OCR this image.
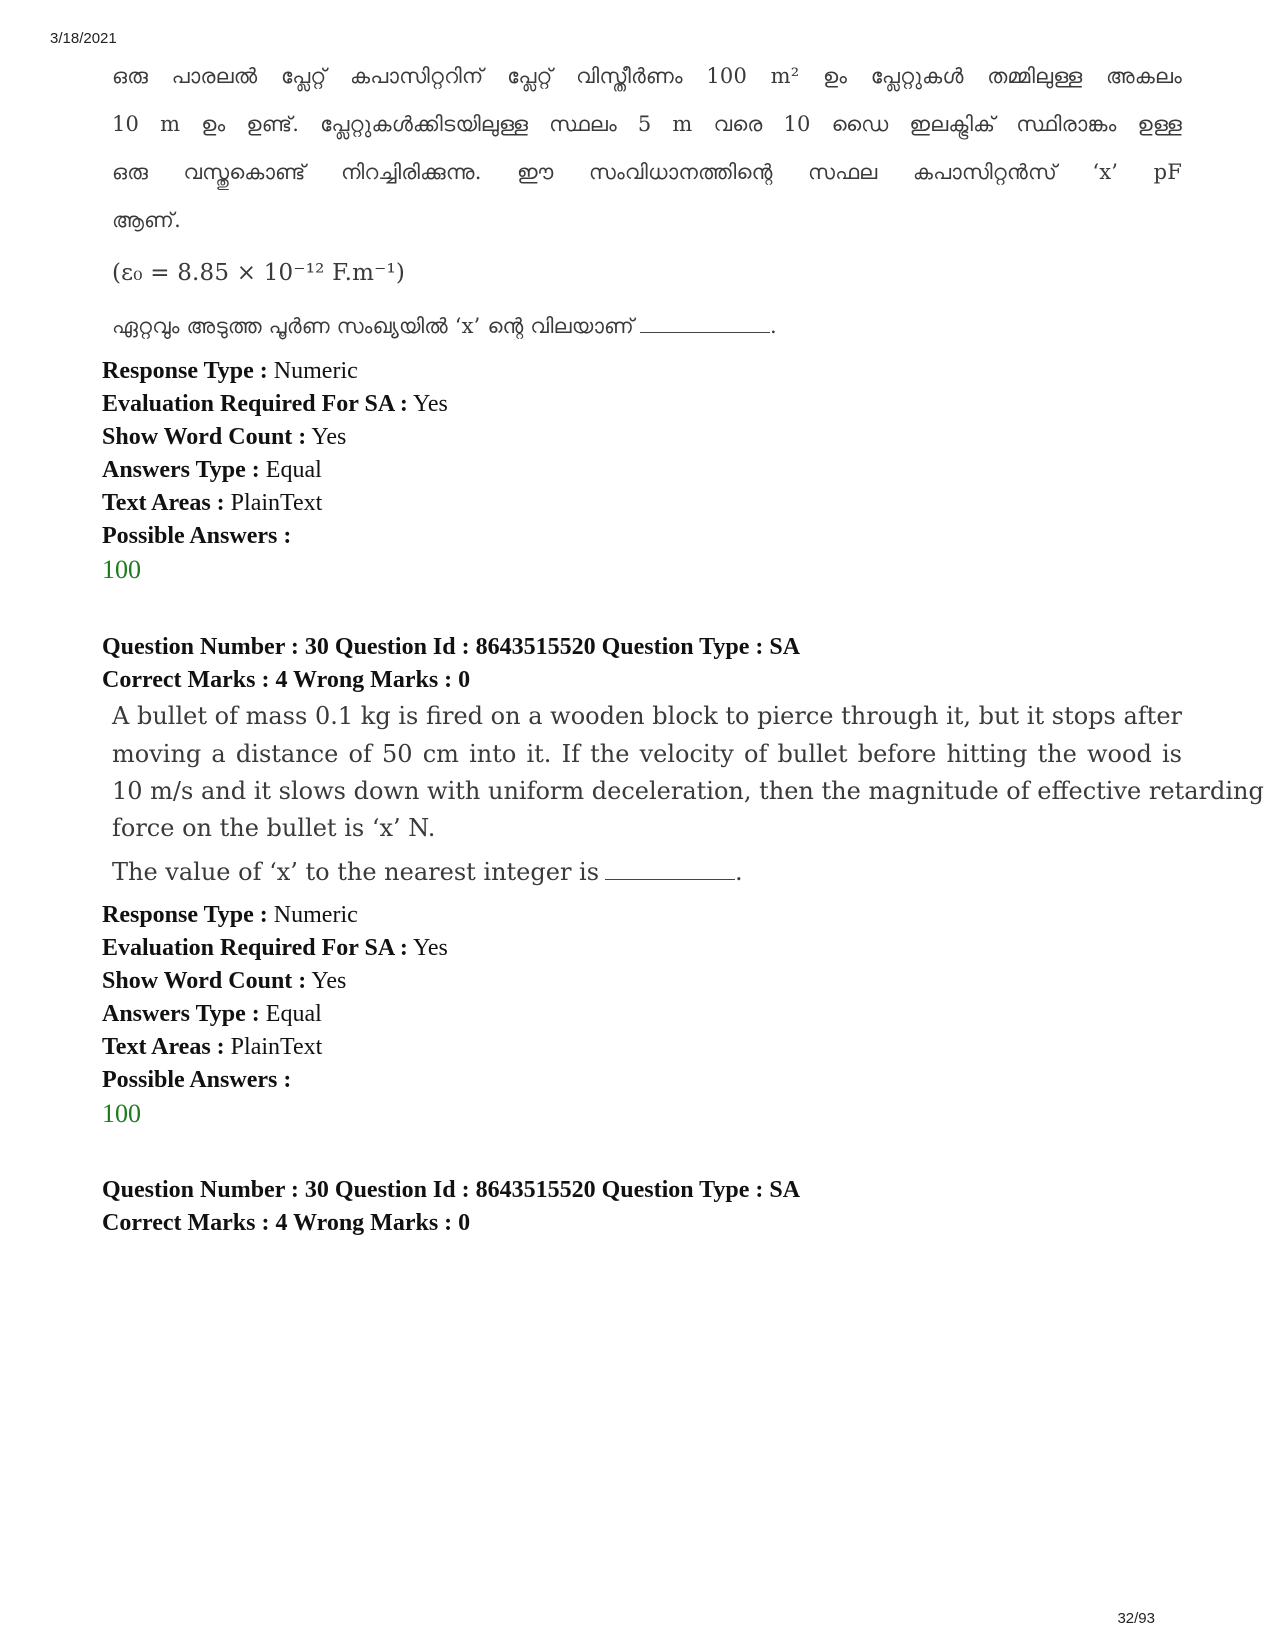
3/18/2021
ഒരു പാരലൽ പ്ലേറ്റ് കപാസിറ്ററിന് പ്ലേറ്റ് വിസ്തീർണം 100 m² ഉം പ്ലേറ്റുകൾ തമ്മിലുള്ള അകലം
10 m ഉം ഉണ്ട്. പ്ലേറ്റുകൾക്കിടയിലുള്ള സ്ഥലം 5 m വരെ 10 ഡൈ ഇലക്ട്രിക് സ്ഥിരാങ്കം ഉള്ള
ഒരു വസ്തുകൊണ്ട് നിറച്ചിരിക്കുന്നു. ഈ സംവിധാനത്തിന്റെ സഫല കപാസിറ്റൻസ് ‘x’ pF
ആണ്.
(ε₀ = 8.85 × 10⁻¹² F.m⁻¹)
ഏറ്റവും അടുത്ത പൂർണ സംഖ്യയിൽ ‘x’ ന്റെ വിലയാണ്	.
Response Type : Numeric
Evaluation Required For SA : Yes
Show Word Count : Yes
Answers Type : Equal
Text Areas : PlainText
Possible Answers :
100
Question Number : 30 Question Id : 8643515520 Question Type : SA
Correct Marks : 4 Wrong Marks : 0
A bullet of mass 0.1 kg is fired on a wooden block to pierce through it, but it stops after
moving a distance of 50 cm into it. If the velocity of bullet before hitting the wood is
10 m/s and it slows down with uniform deceleration, then the magnitude of effective retarding
force on the bullet is ‘x’ N.
The value of ‘x’ to the nearest integer is	.
Response Type : Numeric
Evaluation Required For SA : Yes
Show Word Count : Yes
Answers Type : Equal
Text Areas : PlainText
Possible Answers :
100
Question Number : 30 Question Id : 8643515520 Question Type : SA
Correct Marks : 4 Wrong Marks : 0
32/93
